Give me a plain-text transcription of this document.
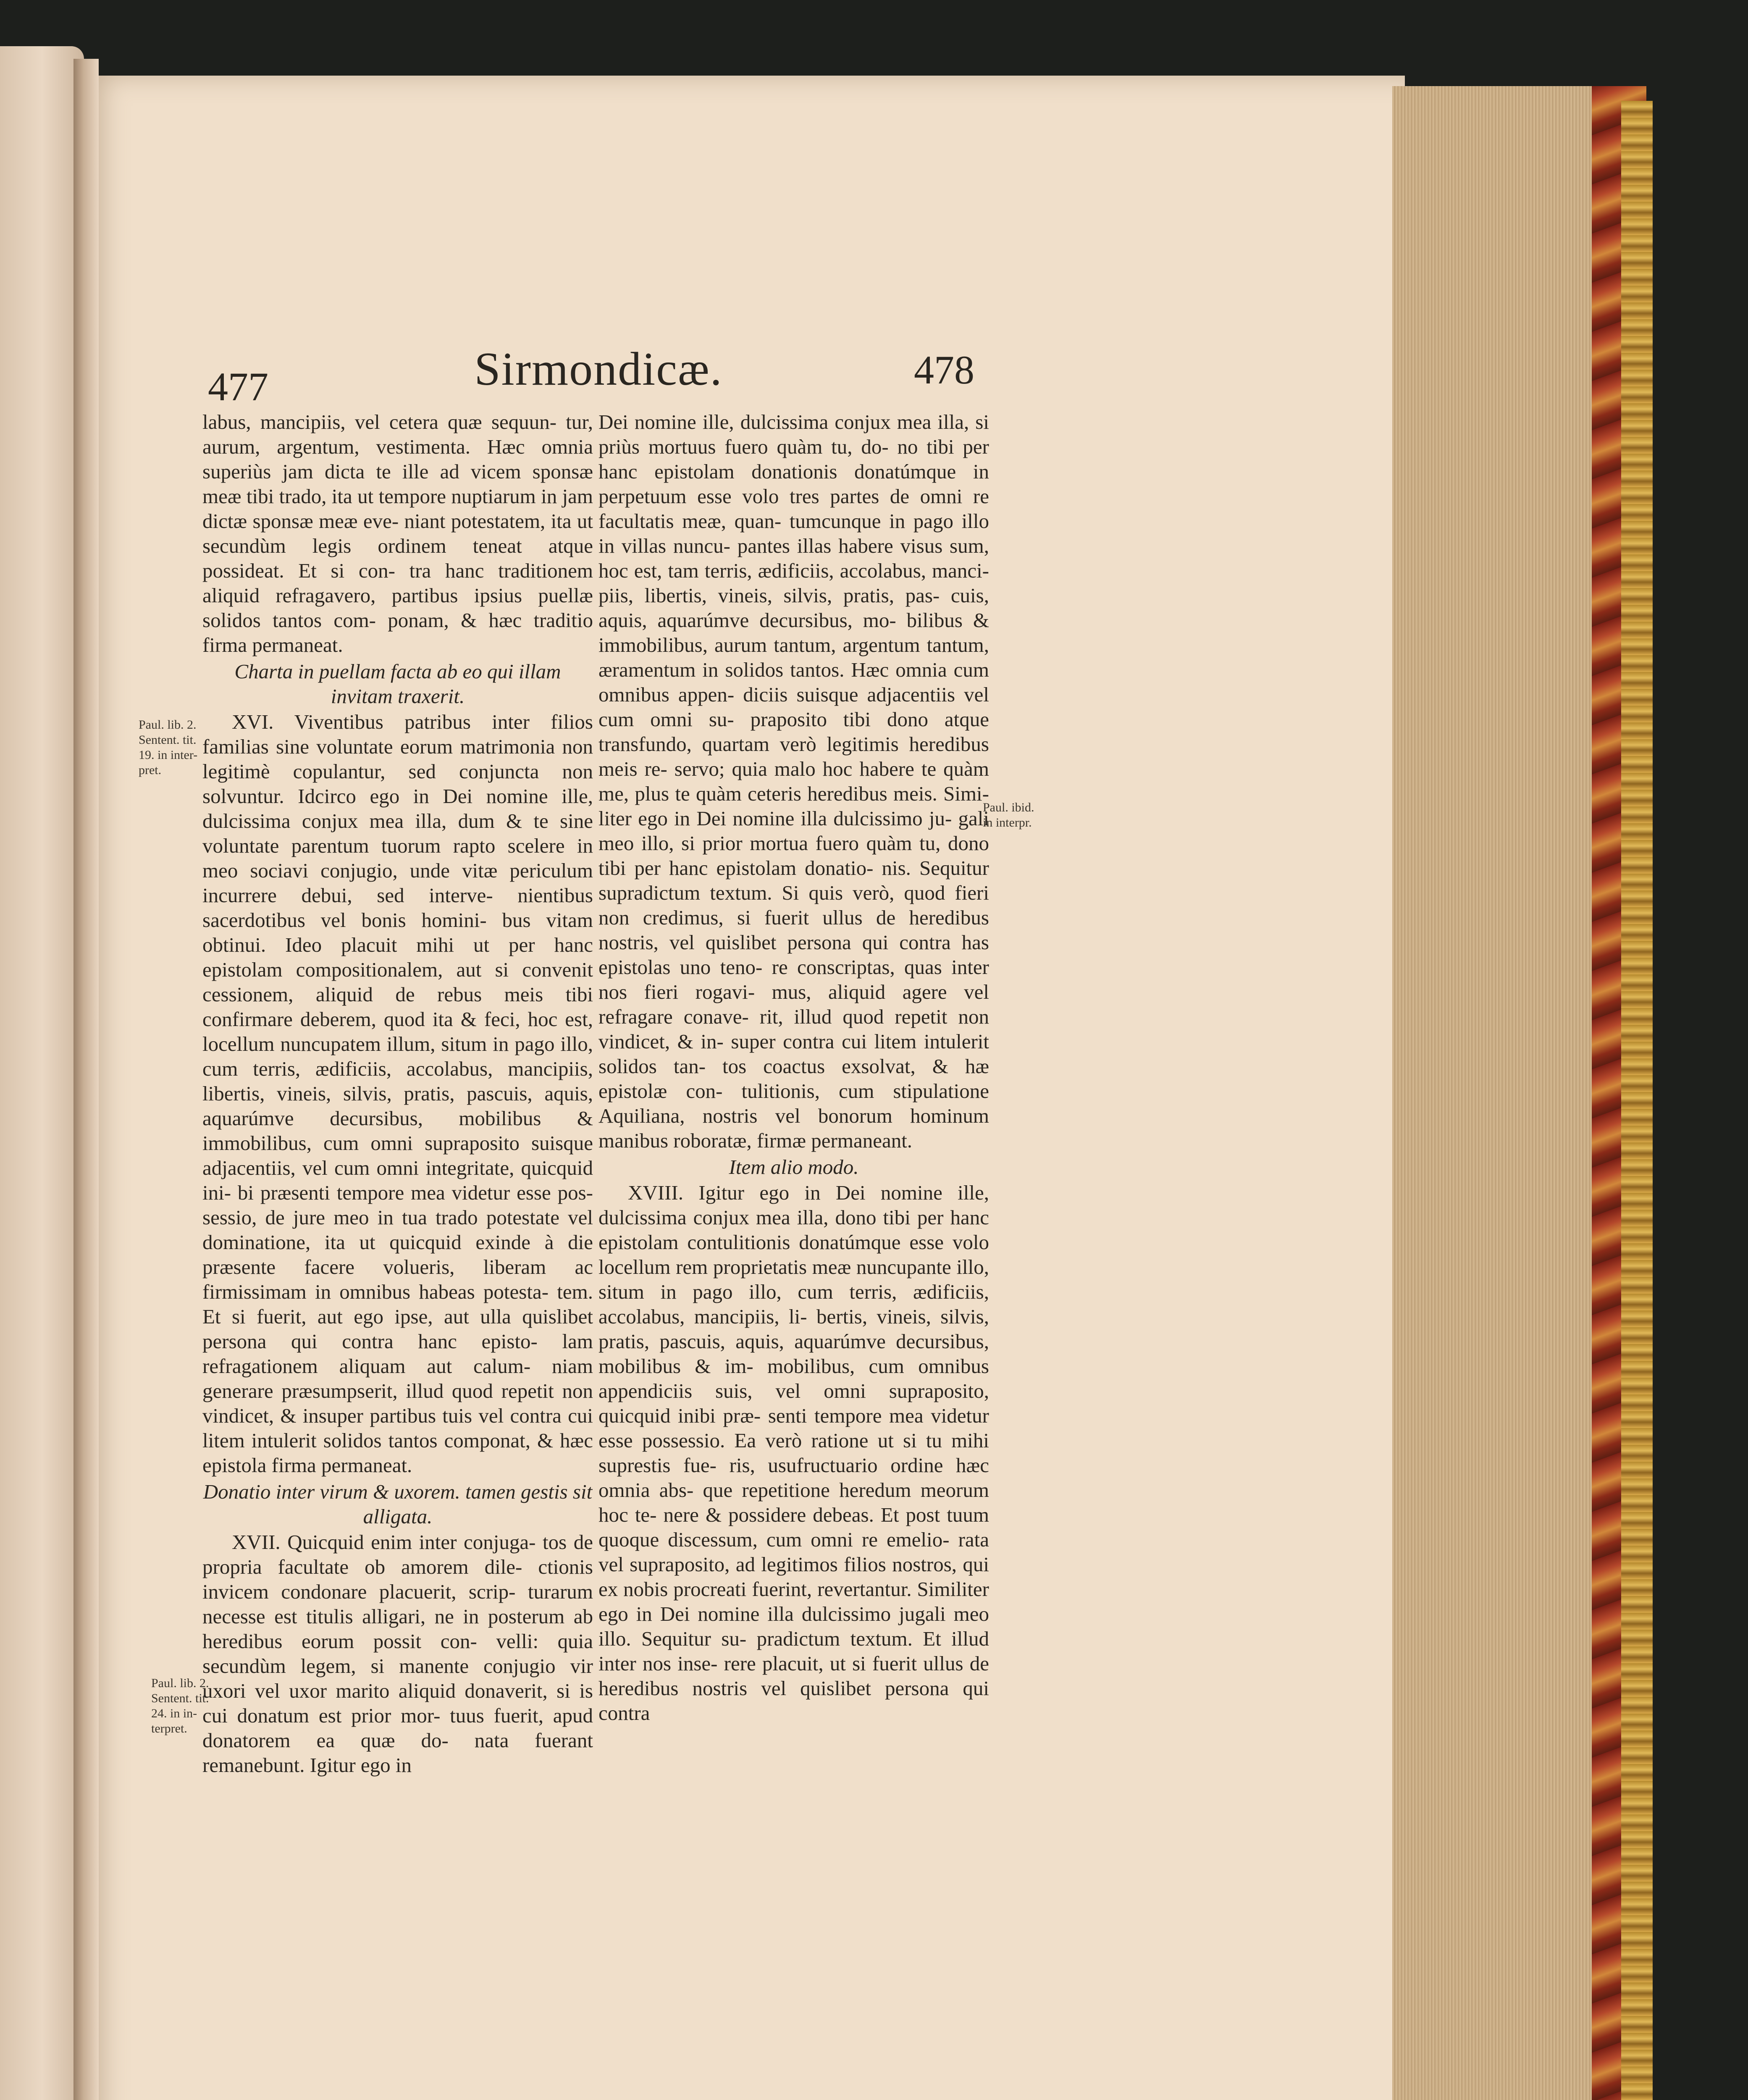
477	Sirmondicæ.	478
Paul. lib. 2. Sentent. tit. 19. in inter- pret.
Paul. lib. 2. Sentent. tit. 24. in in- terpret.
Paul. ibid. in interpr.

labus, mancipiis, vel cetera quæ sequun- tur, aurum, argentum, vestimenta. Hæc omnia superiùs jam dicta te ille ad vicem sponsæ meæ tibi trado, ita ut tempore nuptiarum in jam dictæ sponsæ meæ eve- niant potestatem, ita ut secundùm legis ordinem teneat atque possideat. Et si con- tra hanc traditionem aliquid refragavero, partibus ipsius puellæ solidos tantos com- ponam, & hæc traditio firma permaneat.

Charta in puellam facta ab eo qui illam invitam traxerit.

XVI. Viventibus patribus inter filios familias sine voluntate eorum matrimonia non legitimè copulantur, sed conjuncta non solvuntur. Idcirco ego in Dei nomine ille, dulcissima conjux mea illa, dum & te sine voluntate parentum tuorum rapto scelere in meo sociavi conjugio, unde vitæ periculum incurrere debui, sed interve- nientibus sacerdotibus vel bonis homini- bus vitam obtinui. Ideo placuit mihi ut per hanc epistolam compositionalem, aut si convenit cessionem, aliquid de rebus meis tibi confirmare deberem, quod ita & feci, hoc est, locellum nuncupatem illum, situm in pago illo, cum terris, ædificiis, accolabus, mancipiis, libertis, vineis, silvis, pratis, pascuis, aquis, aquarúmve decursibus, mobilibus & immobilibus, cum omni suprapositо suisque adjacentiis, vel cum omni integritate, quicquid ini- bi præsenti tempore mea videtur esse pos- sessio, de jure meo in tua trado potestate vel dominatione, ita ut quicquid exinde à die præsente facere volueris, liberam ac firmissimam in omnibus habeas potesta- tem. Et si fuerit, aut ego ipse, aut ulla quislibet persona qui contra hanc episto- lam refragationem aliquam aut calum- niam generare præsumpserit, illud quod repetit non vindicet, & insuper partibus tuis vel contra cui litem intulerit solidos tantos componat, & hæc epistola firma permaneat.

Donatio inter virum & uxorem. tamen gestis sit alligata.

XVII. Quicquid enim inter conjuga- tos de propria facultate ob amorem dile- ctionis invicem condonare placuerit, scrip- turarum necesse est titulis alligari, ne in posterum ab heredibus eorum possit con- velli: quia secundùm legem, si manente conjugio vir uxori vel uxor marito aliquid donaverit, si is cui donatum est prior mor- tuus fuerit, apud donatorem ea quæ do- nata fuerant remanebunt. Igitur ego in

Dei nomine ille, dulcissima conjux mea illa, si priùs mortuus fuero quàm tu, do- no tibi per hanc epistolam donationis donatúmque in perpetuum esse volo tres partes de omni re facultatis meæ, quan- tumcunque in pago illo in villas nuncu- pantes illas habere visus sum, hoc est, tam terris, ædificiis, accolabus, manci- piis, libertis, vineis, silvis, pratis, pas- cuis, aquis, aquarúmve decursibus, mo- bilibus & immobilibus, aurum tantum, argentum tantum, æramentum in solidos tantos. Hæc omnia cum omnibus appen- diciis suisque adjacentiis vel cum omni su- praposito tibi dono atque transfundo, quartam verò legitimis heredibus meis re- servo; quia malo hoc habere te quàm me, plus te quàm ceteris heredibus meis. Simi- liter ego in Dei nomine illa dulcissimo ju- gali meo illo, si prior mortua fuero quàm tu, dono tibi per hanc epistolam donatio- nis. Sequitur supradictum textum. Si quis verò, quod fieri non credimus, si fuerit ullus de heredibus nostris, vel quislibet persona qui contra has epistolas uno teno- re conscriptas, quas inter nos fieri rogavi- mus, aliquid agere vel refragare conave- rit, illud quod repetit non vindicet, & in- super contra cui litem intulerit solidos tan- tos coactus exsolvat, & hæ epistolæ con- tulitionis, cum stipulatione Aquiliana, nostris vel bonorum hominum manibus roboratæ, firmæ permaneant.

Item alio modo.

XVIII. Igitur ego in Dei nomine ille, dulcissima conjux mea illa, dono tibi per hanc epistolam contulitionis donatúmque esse volo locellum rem proprietatis meæ nuncupante illo, situm in pago illo, cum terris, ædificiis, accolabus, mancipiis, li- bertis, vineis, silvis, pratis, pascuis, aquis, aquarúmve decursibus, mobilibus & im- mobilibus, cum omnibus appendiciis suis, vel omni suprapositо, quicquid inibi præ- senti tempore mea videtur esse possessio. Ea verò ratione ut si tu mihi suprestis fue- ris, usufructuario ordine hæc omnia abs- que repetitione heredum meorum hoc te- nere & possidere debeas. Et post tuum quoque discessum, cum omni re emelio- rata vel suprapositо, ad legitimos filios nostros, qui ex nobis procreati fuerint, revertantur. Similiter ego in Dei nomine illa dulcissimo jugali meo illo. Sequitur su- pradictum textum. Et illud inter nos inse- rere placuit, ut si fuerit ullus de heredibus nostris vel quislibet persona qui contra
